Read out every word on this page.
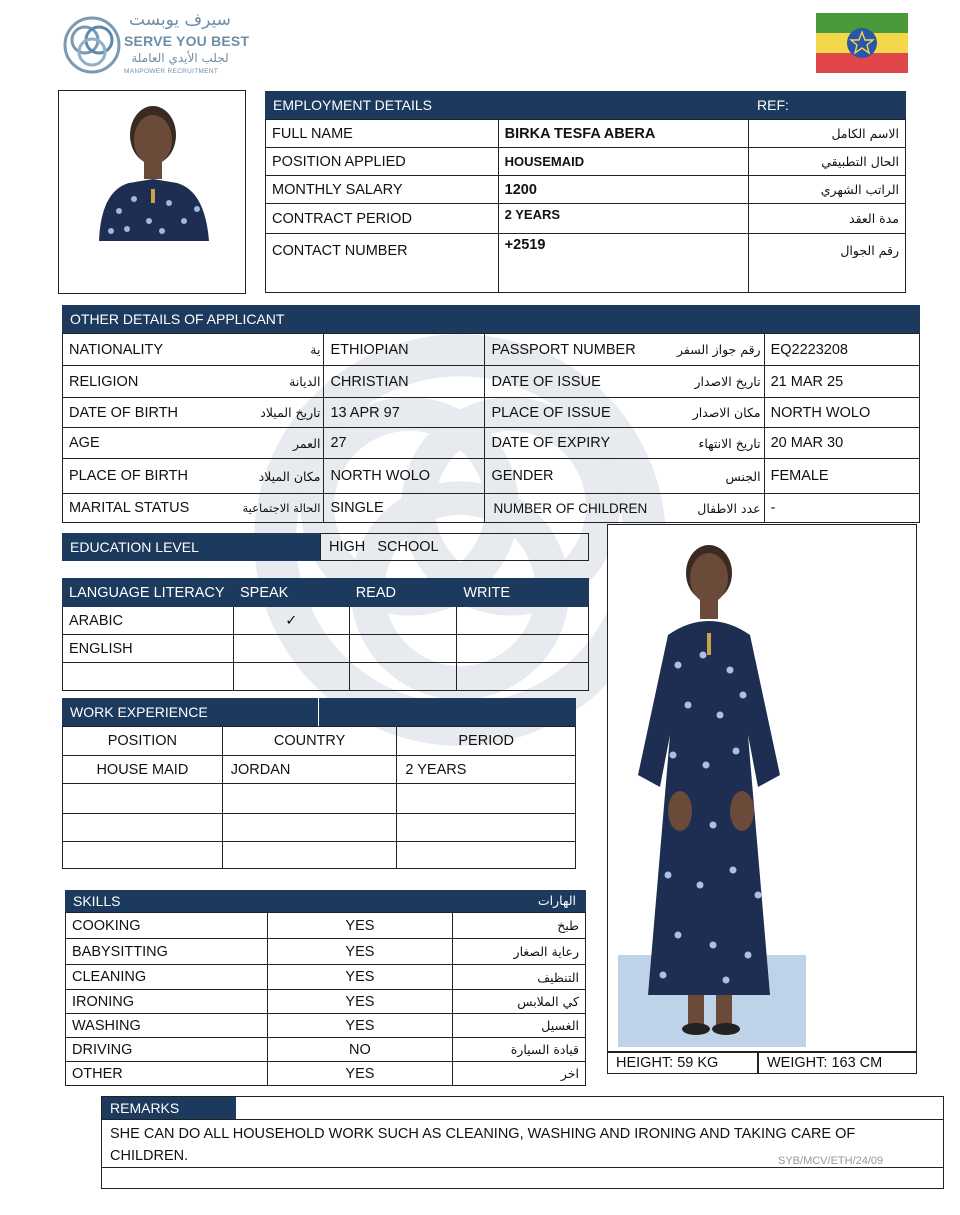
سيرف يوبست
SERVE YOU BEST
لجلب الأيدي العاملة
MANPOWER RECRUITMENT
EMPLOYMENT DETAILS	REF:
FULL NAME	BIRKA TESFA ABERA	الاسم الكامل
POSITION APPLIED	HOUSEMAID	الحال التطبيقي
MONTHLY SALARY	1200	الراتب الشهري
CONTRACT PERIOD	2 YEARS	مدة العقد
CONTACT NUMBER	+2519	رقم الجوال
OTHER DETAILS OF APPLICANT
NATIONALITY	ية	ETHIOPIAN	PASSPORT NUMBER	رقم جواز السفر	EQ2223208
RELIGION	الديانة	CHRISTIAN	DATE OF ISSUE	تاريخ الاصدار	21 MAR 25
DATE OF BIRTH	تاريخ الميلاد	13 APR 97	PLACE OF ISSUE	مكان الاصدار	NORTH WOLO
AGE	العمر	27	DATE OF EXPIRY	تاريخ الانتهاء	20 MAR 30
PLACE OF BIRTH	مكان الميلاد	NORTH WOLO	GENDER	الجنس	FEMALE
MARITAL STATUS	الحالة الاجتماعية	SINGLE	NUMBER OF CHILDREN	عدد الاطفال	-
EDUCATION LEVEL	HIGH   SCHOOL
LANGUAGE LITERACY	SPEAK	READ	WRITE
ARABIC	✓		
ENGLISH			

WORK EXPERIENCE
POSITION	COUNTRY	PERIOD
HOUSE MAID	JORDAN	2 YEARS

SKILLS	الهارات
COOKING	YES	طبخ
BABYSITTING	YES	رعاية الصغار
CLEANING	YES	التنظيف
IRONING	YES	كي الملابس
WASHING	YES	الغسيل
DRIVING	NO	قيادة السيارة
OTHER	YES	اخر
HEIGHT: 59 KG	WEIGHT: 163 CM
REMARKS
SHE CAN DO ALL HOUSEHOLD WORK SUCH AS CLEANING, WASHING AND IRONING AND TAKING CARE OF CHILDREN.	SYB/MCV/ETH/24/09
